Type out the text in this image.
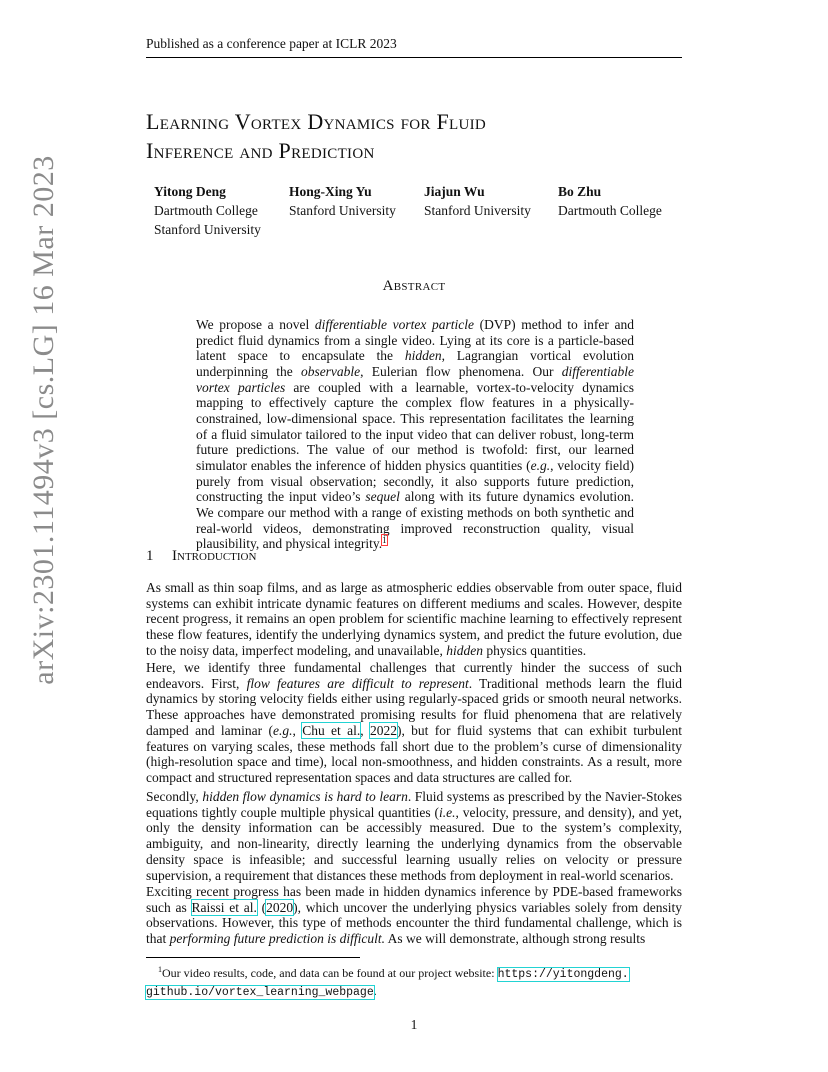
Published as a conference paper at ICLR 2023
arXiv:2301.11494v3 [cs.LG] 16 Mar 2023
Learning Vortex Dynamics for Fluid
Inference and Prediction
Yitong Deng
Dartmouth College
Stanford University
Hong-Xing Yu
Stanford University
Jiajun Wu
Stanford University
Bo Zhu
Dartmouth College
Abstract
We propose a novel differentiable vortex particle (DVP) method to infer and predict fluid dynamics from a single video. Lying at its core is a particle-based latent space to encapsulate the hidden, Lagrangian vortical evolution underpinning the observable, Eulerian flow phenomena. Our differentiable vortex particles are coupled with a learnable, vortex-to-velocity dynamics mapping to effectively capture the complex flow features in a physically-constrained, low-dimensional space. This representation facilitates the learning of a fluid simulator tailored to the input video that can deliver robust, long-term future predictions. The value of our method is twofold: first, our learned simulator enables the inference of hidden physics quantities (e.g., velocity field) purely from visual observation; secondly, it also supports future prediction, constructing the input video’s sequel along with its future dynamics evolution. We compare our method with a range of existing methods on both synthetic and real-world videos, demonstrating improved reconstruction quality, visual plausibility, and physical integrity.$^1$
1 Introduction

As small as thin soap films, and as large as atmospheric eddies observable from outer space, fluid systems can exhibit intricate dynamic features on different mediums and scales. However, despite recent progress, it remains an open problem for scientific machine learning to effectively represent these flow features, identify the underlying dynamics system, and predict the future evolution, due to the noisy data, imperfect modeling, and unavailable, hidden physics quantities.

Here, we identify three fundamental challenges that currently hinder the success of such endeavors. First, flow features are difficult to represent. Traditional methods learn the fluid dynamics by storing velocity fields either using regularly-spaced grids or smooth neural networks. These approaches have demonstrated promising results for fluid phenomena that are relatively damped and laminar (e.g., Chu et al., 2022), but for fluid systems that can exhibit turbulent features on varying scales, these methods fall short due to the problem’s curse of dimensionality (high-resolution space and time), local non-smoothness, and hidden constraints. As a result, more compact and structured representation spaces and data structures are called for.

Secondly, hidden flow dynamics is hard to learn. Fluid systems as prescribed by the Navier-Stokes equations tightly couple multiple physical quantities (i.e., velocity, pressure, and density), and yet, only the density information can be accessibly measured. Due to the system’s complexity, ambiguity, and non-linearity, directly learning the underlying dynamics from the observable density space is infeasible; and successful learning usually relies on velocity or pressure supervision, a requirement that distances these methods from deployment in real-world scenarios.

Exciting recent progress has been made in hidden dynamics inference by PDE-based frameworks such as Raissi et al. (2020), which uncover the underlying physics variables solely from density observations. However, this type of methods encounter the third fundamental challenge, which is that performing future prediction is difficult. As we will demonstrate, although strong results

$^1$Our video results, code, and data can be found at our project website: https://yitongdeng.
github.io/vortex_learning_webpage.
1
